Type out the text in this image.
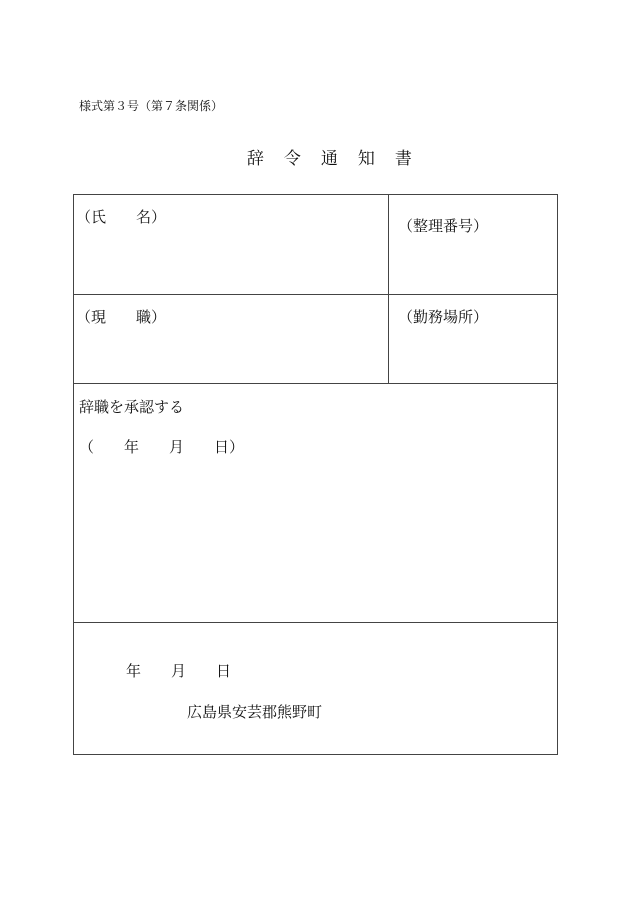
様式第３号（第７条関係）

辞 令 通 知 書

（氏　　名）	（整理番号）
（現　　職）	（勤務場所）
辞職を承認する
（　　年　　月　　日）
年　　月　　日
広島県安芸郡熊野町
